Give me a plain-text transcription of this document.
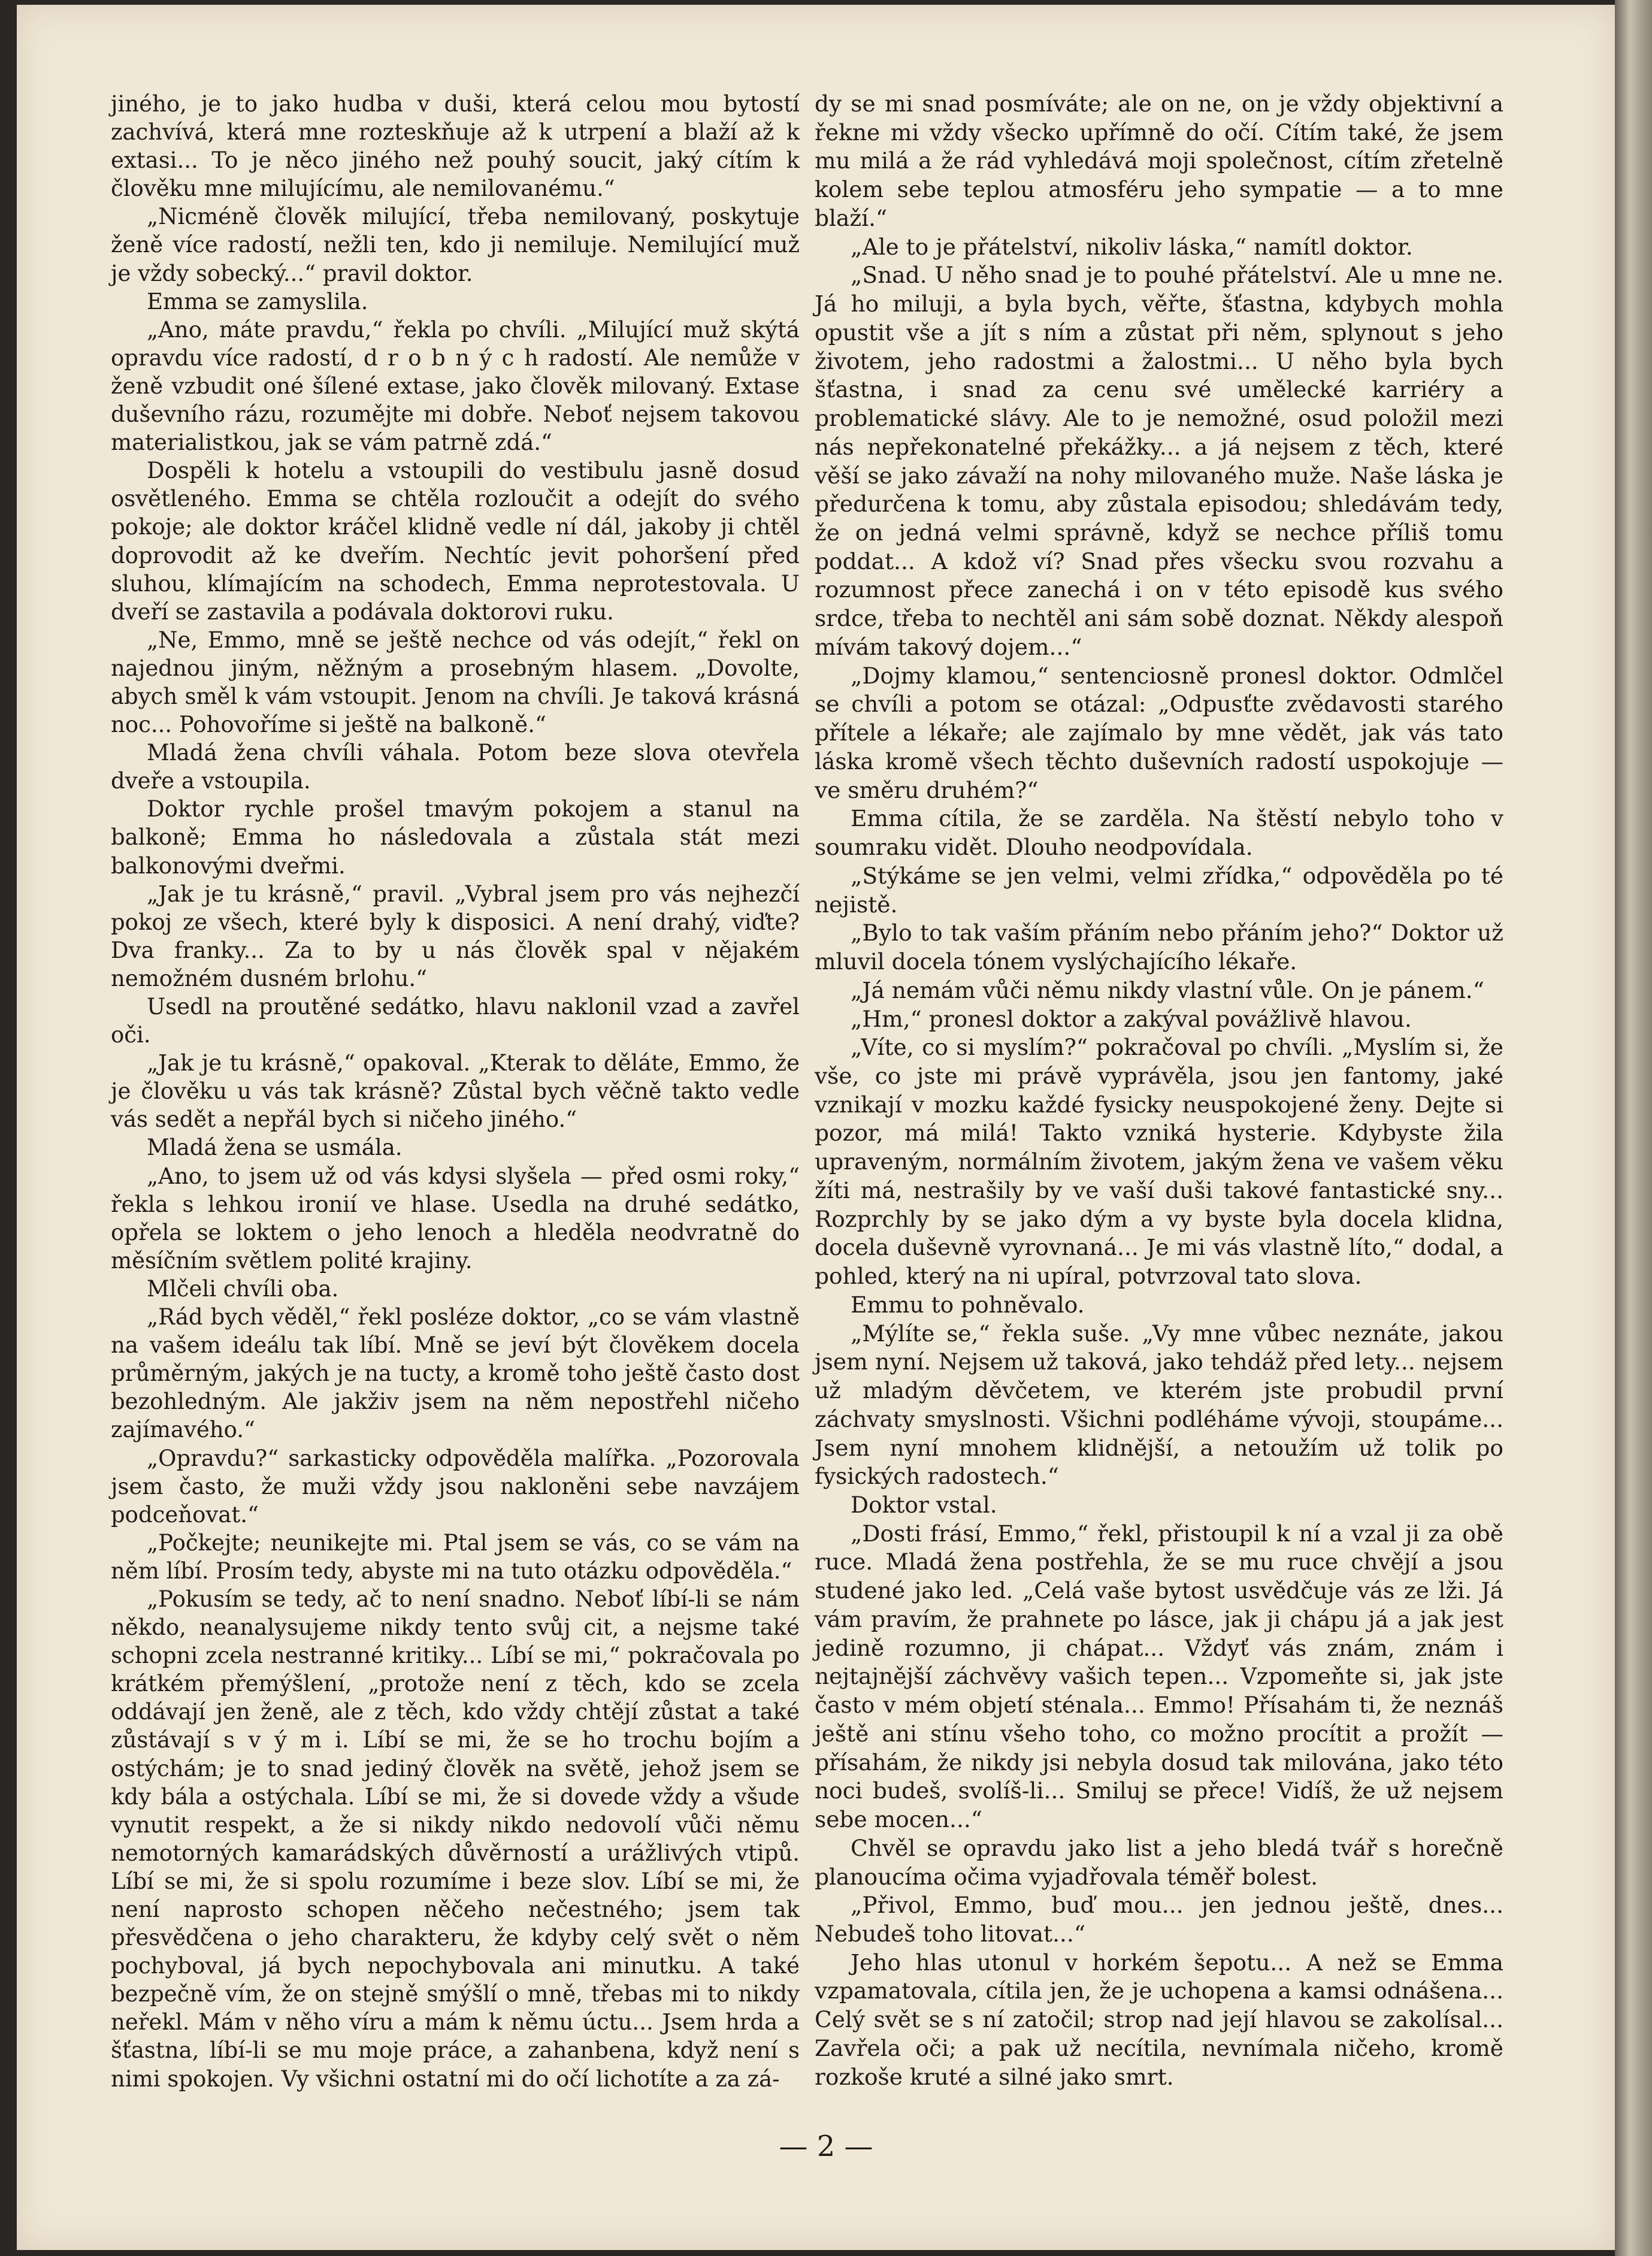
jiného, je to jako hudba v duši, která celou mou bytostí zachvívá, která mne rozteskňuje až k utrpení a blaží až k extasi... To je něco jiného než pouhý soucit, jaký cítím k člověku mne milujícímu, ale nemilovanému.“

„Nicméně člověk milující, třeba nemilovaný, poskytuje ženě více radostí, nežli ten, kdo ji nemiluje. Nemilující muž je vždy sobecký...“ pravil doktor.

Emma se zamyslila.

„Ano, máte pravdu,“ řekla po chvíli. „Milující muž skýtá opravdu více radostí, d r o b n ý c h radostí. Ale nemůže v ženě vzbudit oné šílené extase, jako člověk milovaný. Extase duševního rázu, rozumějte mi dobře. Neboť nejsem takovou materialistkou, jak se vám patrně zdá.“

Dospěli k hotelu a vstoupili do vestibulu jasně dosud osvětleného. Emma se chtěla rozloučit a odejít do svého pokoje; ale doktor kráčel klidně vedle ní dál, jakoby ji chtěl doprovodit až ke dveřím. Nechtíc jevit pohoršení před sluhou, klímajícím na schodech, Emma neprotestovala. U dveří se zastavila a podávala doktorovi ruku.

„Ne, Emmo, mně se ještě nechce od vás odejít,“ řekl on najednou jiným, něžným a prosebným hlasem. „Dovolte, abych směl k vám vstoupit. Jenom na chvíli. Je taková krásná noc... Pohovoříme si ještě na balkoně.“

Mladá žena chvíli váhala. Potom beze slova otevřela dveře a vstoupila.

Doktor rychle prošel tmavým pokojem a stanul na balkoně; Emma ho následovala a zůstala stát mezi balkonovými dveřmi.

„Jak je tu krásně,“ pravil. „Vybral jsem pro vás nejhezčí pokoj ze všech, které byly k disposici. A není drahý, viďte? Dva franky... Za to by u nás člověk spal v nějakém nemožném dusném brlohu.“

Usedl na proutěné sedátko, hlavu naklonil vzad a zavřel oči.

„Jak je tu krásně,“ opakoval. „Kterak to děláte, Emmo, že je člověku u vás tak krásně? Zůstal bych věčně takto vedle vás sedět a nepřál bych si ničeho jiného.“

Mladá žena se usmála.

„Ano, to jsem už od vás kdysi slyšela — před osmi roky,“ řekla s lehkou ironií ve hlase. Usedla na druhé sedátko, opřela se loktem o jeho lenoch a hleděla neodvratně do měsíčním světlem polité krajiny.

Mlčeli chvíli oba.

„Rád bych věděl,“ řekl posléze doktor, „co se vám vlastně na vašem ideálu tak líbí. Mně se jeví být člověkem docela průměrným, jakých je na tucty, a kromě toho ještě často dost bezohledným. Ale jakživ jsem na něm nepostřehl ničeho zajímavého.“

„Opravdu?“ sarkasticky odpověděla malířka. „Pozorovala jsem často, že muži vždy jsou nakloněni sebe navzájem podceňovat.“

„Počkejte; neunikejte mi. Ptal jsem se vás, co se vám na něm líbí. Prosím tedy, abyste mi na tuto otázku odpověděla.“

„Pokusím se tedy, ač to není snadno. Neboť líbí-li se nám někdo, neanalysujeme nikdy tento svůj cit, a nejsme také schopni zcela nestranné kritiky... Líbí se mi,“ pokračovala po krátkém přemýšlení, „protože není z těch, kdo se zcela oddávají jen ženě, ale z těch, kdo vždy chtějí zůstat a také zůstávají s v ý m i. Líbí se mi, že se ho trochu bojím a ostýchám; je to snad jediný člověk na světě, jehož jsem se kdy bála a ostýchala. Líbí se mi, že si dovede vždy a všude vynutit respekt, a že si nikdy nikdo nedovolí vůči němu nemotorných kamarádských důvěrností a urážlivých vtipů. Líbí se mi, že si spolu rozumíme i beze slov. Líbí se mi, že není naprosto schopen něčeho nečestného; jsem tak přesvědčena o jeho charakteru, že kdyby celý svět o něm pochyboval, já bych nepochybovala ani minutku. A také bezpečně vím, že on stejně smýšlí o mně, třebas mi to nikdy neřekl. Mám v něho víru a mám k němu úctu... Jsem hrda a šťastna, líbí-li se mu moje práce, a zahanbena, když není s nimi spokojen. Vy všichni ostatní mi do očí lichotíte a za zá-

dy se mi snad posmíváte; ale on ne, on je vždy objektivní a řekne mi vždy všecko upřímně do očí. Cítím také, že jsem mu milá a že rád vyhledává moji společnost, cítím zřetelně kolem sebe teplou atmosféru jeho sympatie — a to mne blaží.“

„Ale to je přátelství, nikoliv láska,“ namítl doktor.

„Snad. U něho snad je to pouhé přátelství. Ale u mne ne. Já ho miluji, a byla bych, věřte, šťastna, kdybych mohla opustit vše a jít s ním a zůstat při něm, splynout s jeho životem, jeho radostmi a žalostmi... U něho byla bych šťastna, i snad za cenu své umělecké karriéry a problematické slávy. Ale to je nemožné, osud položil mezi nás nepřekonatelné překážky... a já nejsem z těch, které věší se jako závaží na nohy milovaného muže. Naše láska je předurčena k tomu, aby zůstala episodou; shledávám tedy, že on jedná velmi správně, když se nechce příliš tomu poddat... A kdož ví? Snad přes všecku svou rozvahu a rozumnost přece zanechá i on v této episodě kus svého srdce, třeba to nechtěl ani sám sobě doznat. Někdy alespoň mívám takový dojem...“

„Dojmy klamou,“ sentenciosně pronesl doktor. Odmlčel se chvíli a potom se otázal: „Odpusťte zvědavosti starého přítele a lékaře; ale zajímalo by mne vědět, jak vás tato láska kromě všech těchto duševních radostí uspokojuje — ve směru druhém?“

Emma cítila, že se zarděla. Na štěstí nebylo toho v soumraku vidět. Dlouho neodpovídala.

„Stýkáme se jen velmi, velmi zřídka,“ odpověděla po té nejistě.

„Bylo to tak vaším přáním nebo přáním jeho?“ Doktor už mluvil docela tónem vyslýchajícího lékaře.

„Já nemám vůči němu nikdy vlastní vůle. On je pánem.“

„Hm,“ pronesl doktor a zakýval povážlivě hlavou.

„Víte, co si myslím?“ pokračoval po chvíli. „Myslím si, že vše, co jste mi právě vyprávěla, jsou jen fantomy, jaké vznikají v mozku každé fysicky neuspokojené ženy. Dejte si pozor, má milá! Takto vzniká hysterie. Kdybyste žila upraveným, normálním životem, jakým žena ve vašem věku žíti má, nestrašily by ve vaší duši takové fantastické sny... Rozprchly by se jako dým a vy byste byla docela klidna, docela duševně vyrovnaná... Je mi vás vlastně líto,“ dodal, a pohled, který na ni upíral, potvrzoval tato slova.

Emmu to pohněvalo.

„Mýlíte se,“ řekla suše. „Vy mne vůbec neznáte, jakou jsem nyní. Nejsem už taková, jako tehdáž před lety... nejsem už mladým děvčetem, ve kterém jste probudil první záchvaty smyslnosti. Všichni podléháme vývoji, stoupáme... Jsem nyní mnohem klidnější, a netoužím už tolik po fysických radostech.“

Doktor vstal.

„Dosti frásí, Emmo,“ řekl, přistoupil k ní a vzal ji za obě ruce. Mladá žena postřehla, že se mu ruce chvějí a jsou studené jako led. „Celá vaše bytost usvědčuje vás ze lži. Já vám pravím, že prahnete po lásce, jak ji chápu já a jak jest jedině rozumno, ji chápat... Vždyť vás znám, znám i nejtajnější záchvěvy vašich tepen... Vzpomeňte si, jak jste často v mém objetí sténala... Emmo! Přísahám ti, že neznáš ještě ani stínu všeho toho, co možno procítit a prožít — přísahám, že nikdy jsi nebyla dosud tak milována, jako této noci budeš, svolíš-li... Smiluj se přece! Vidíš, že už nejsem sebe mocen...“

Chvěl se opravdu jako list a jeho bledá tvář s horečně planoucíma očima vyjadřovala téměř bolest.

„Přivol, Emmo, buď mou... jen jednou ještě, dnes... Nebudeš toho litovat...“

Jeho hlas utonul v horkém šepotu... A než se Emma vzpamatovala, cítila jen, že je uchopena a kamsi odnášena... Celý svět se s ní zatočil; strop nad její hlavou se zakolísal... Zavřela oči; a pak už necítila, nevnímala ničeho, kromě rozkoše kruté a silné jako smrt.

— 2 —
